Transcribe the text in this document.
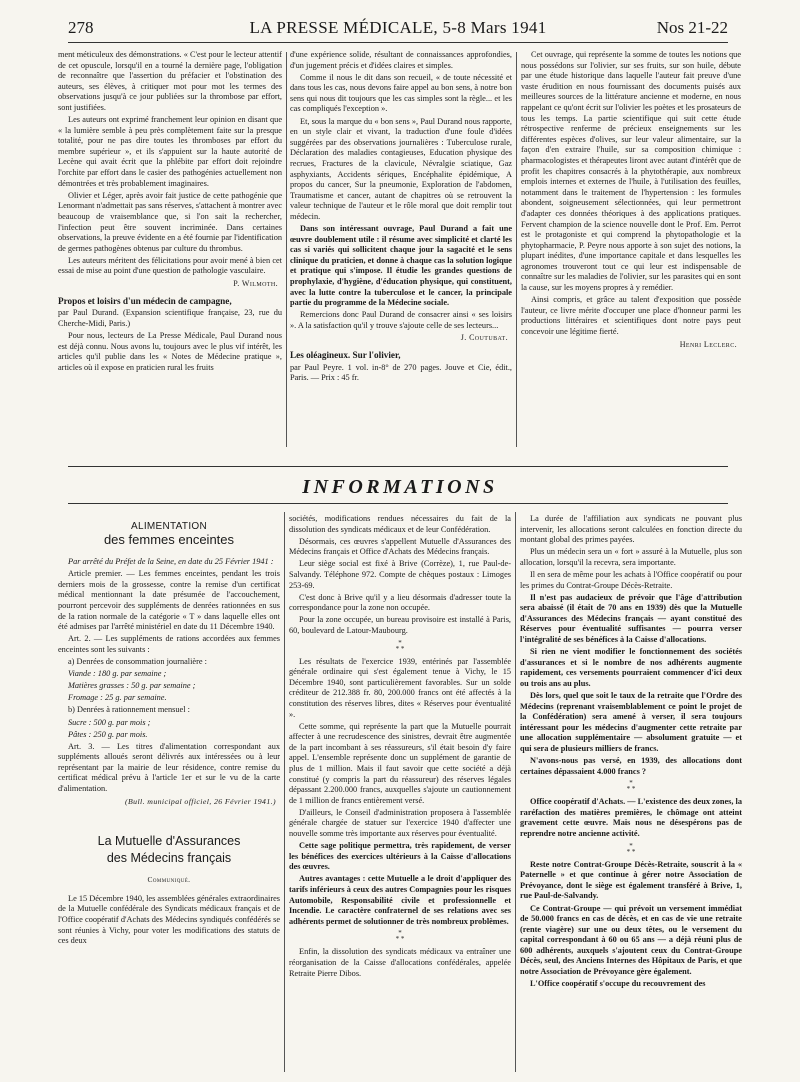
278	LA PRESSE MÉDICALE, 5-8 Mars 1941	Nos 21-22

ment méticuleux des démonstrations. « C'est pour le lecteur attentif de cet opuscule, lorsqu'il en a tourné la dernière page, l'obligation de reconnaître que l'assertion du préfacier et l'obstination des auteurs, ses élèves, à critiquer mot pour mot les termes des observations jusqu'à ce jour publiées sur la thrombose par effort, sont justifiées.

Les auteurs ont exprimé franchement leur opinion en disant que « la lumière semble à peu près complètement faite sur la presque totalité, pour ne pas dire toutes les thromboses par effort du membre supérieur », et ils s'appuient sur la haute autorité de Lecène qui avait écrit que la phlébite par effort doit rejoindre l'orchite par effort dans le casier des pathogénies actuellement non démontrées et très probablement imaginaires.

Olivier et Léger, après avoir fait justice de cette pathogénie que Lenormant n'admettait pas sans réserves, s'attachent à montrer avec beaucoup de vraisemblance que, si l'on sait la rechercher, l'infection peut être souvent incriminée. Dans certaines observations, la preuve évidente en a été fournie par l'identification de germes pathogènes obtenus par culture du thrombus.

Les auteurs méritent des félicitations pour avoir mené à bien cet essai de mise au point d'une question de pathologie vasculaire.

P. Wilmoth.

Propos et loisirs d'un médecin de campagne,

par Paul Durand. (Expansion scientifique française, 23, rue du Cherche-Midi, Paris.)

Pour nous, lecteurs de La Presse Médicale, Paul Durand nous est déjà connu. Nous avons lu, toujours avec le plus vif intérêt, les articles qu'il publie dans les « Notes de Médecine pratique », articles où il expose en praticien rural les fruits

d'une expérience solide, résultant de connaissances approfondies, d'un jugement précis et d'idées claires et simples.

Comme il nous le dit dans son recueil, « de toute nécessité et dans tous les cas, nous devons faire appel au bon sens, à notre bon sens qui nous dit toujours que les cas simples sont la règle... et les cas compliqués l'exception ».

Et, sous la marque du « bon sens », Paul Durand nous rapporte, en un style clair et vivant, la traduction d'une foule d'idées suggérées par des observations journalières : Tuberculose rurale, Déclaration des maladies contagieuses, Education physique des recrues, Fractures de la clavicule, Névralgie sciatique, Gaz asphyxiants, Accidents sériques, Encéphalite épidémique, A propos du cancer, Sur la pneumonie, Exploration de l'abdomen, Traumatisme et cancer, autant de chapitres où se retrouvent la valeur technique de l'auteur et le rôle moral que doit remplir tout médecin.

Dans son intéressant ouvrage, Paul Durand a fait une œuvre doublement utile : il résume avec simplicité et clarté les cas si variés qui sollicitent chaque jour la sagacité et le sens clinique du praticien, et donne à chaque cas la solution logique et pratique qui s'impose. Il étudie les grandes questions de prophylaxie, d'hygiène, d'éducation physique, qui constituent, avec la lutte contre la tuberculose et le cancer, la principale partie du programme de la Médecine sociale.

Remercions donc Paul Durand de consacrer ainsi « ses loisirs ». A la satisfaction qu'il y trouve s'ajoute celle de ses lecteurs...

J. Coutubat.

Les oléagineux. Sur l'olivier,

par Paul Peyre. 1 vol. in-8° de 270 pages. Jouve et Cie, édit., Paris. — Prix : 45 fr.

Cet ouvrage, qui représente la somme de toutes les notions que nous possédons sur l'olivier, sur ses fruits, sur son huile, débute par une étude historique dans laquelle l'auteur fait preuve d'une vaste érudition en nous fournissant des documents puisés aux meilleures sources de la littérature ancienne et moderne, en nous rappelant ce qu'ont écrit sur l'olivier les poètes et les prosateurs de tous les temps. La partie scientifique qui suit cette étude rétrospective renferme de précieux enseignements sur les différentes espèces d'olives, sur leur valeur alimentaire, sur la façon d'en extraire l'huile, sur sa composition chimique : pharmacologistes et thérapeutes liront avec autant d'intérêt que de profit les chapitres consacrés à la phytothérapie, aux nombreux emplois internes et externes de l'huile, à l'utilisation des feuilles, notamment dans le traitement de l'hypertension : les formules abondent, soigneusement sélectionnées, qui leur permettront d'adapter ces données théoriques à des applications pratiques. Fervent champion de la science nouvelle dont le Prof. Em. Perrot est le protagoniste et qui comprend la phytopathologie et la phytopharmacie, P. Peyre nous apporte à son sujet des notions, la plupart inédites, d'une importance capitale et dans lesquelles les agronomes trouveront tout ce qui leur est indispensable de connaître sur les maladies de l'olivier, sur les parasites qui en sont la cause, sur les moyens propres à y remédier.

Ainsi compris, et grâce au talent d'exposition que possède l'auteur, ce livre mérite d'occuper une place d'honneur parmi les productions littéraires et scientifiques dont notre pays peut concevoir une légitime fierté.

Henri Leclerc.
INFORMATIONS
ALIMENTATION
des femmes enceintes

Par arrêté du Préfet de la Seine, en date du 25 Février 1941 :

Article premier. — Les femmes enceintes, pendant les trois derniers mois de la grossesse, contre la remise d'un certificat médical mentionnant la date présumée de l'accouchement, pourront percevoir des suppléments de denrées rationnées en sus de la ration normale de la catégorie « T » dans laquelle elles ont été admises par l'arrêté ministériel en date du 11 Décembre 1940.

Art. 2. — Les suppléments de rations accordées aux femmes enceintes sont les suivants :

a) Denrées de consommation journalière :

Viande : 180 g. par semaine ;

Matières grasses : 50 g. par semaine ;

Fromage : 25 g. par semaine.

b) Denrées à rationnement mensuel :

Sucre : 500 g. par mois ;

Pâtes : 250 g. par mois.

Art. 3. — Les titres d'alimentation correspondant aux suppléments alloués seront délivrés aux intéressées ou à leur représentant par la mairie de leur résidence, contre remise du certificat médical prévu à l'article 1er et sur le vu de la carte d'alimentation.

(Bull. municipal officiel, 26 Février 1941.)
La Mutuelle d'Assurances
des Médecins français
Communiqué.

Le 15 Décembre 1940, les assemblées générales extraordinaires de la Mutuelle confédérale des Syndicats médicaux français et de l'Office coopératif d'Achats des Médecins syndiqués confédérés se sont réunies à Vichy, pour voter les modifications des statuts de ces deux

sociétés, modifications rendues nécessaires du fait de la dissolution des syndicats médicaux et de leur Confédération.

Désormais, ces œuvres s'appellent Mutuelle d'Assurances des Médecins français et Office d'Achats des Médecins français.

Leur siège social est fixé à Brive (Corrèze), 1, rue Paul-de-Salvandy. Téléphone 972. Compte de chèques postaux : Limoges 253-69.

C'est donc à Brive qu'il y a lieu désormais d'adresser toute la correspondance pour la zone non occupée.

Pour la zone occupée, un bureau provisoire est installé à Paris, 60, boulevard de Latour-Maubourg.

*
* *

Les résultats de l'exercice 1939, entérinés par l'assemblée générale ordinaire qui s'est également tenue à Vichy, le 15 Décembre 1940, sont particulièrement favorables. Sur un solde créditeur de 212.388 fr. 80, 200.000 francs ont été affectés à la constitution des réserves libres, dites « Réserves pour éventualité ».

Cette somme, qui représente la part que la Mutuelle pourrait affecter à une recrudescence des sinistres, devrait être augmentée de la part incombant à ses réassureurs, s'il était besoin d'y faire appel. L'ensemble représente donc un supplément de garantie de plus de 1 million. Mais il faut savoir que cette société a déjà constitué (y compris la part du réassureur) des réserves légales dépassant 2.200.000 francs, auxquelles s'ajoute un cautionnement de 1 million de francs entièrement versé.

D'ailleurs, le Conseil d'administration proposera à l'assemblée générale chargée de statuer sur l'exercice 1940 d'affecter une nouvelle somme très importante aux réserves pour éventualité.

Cette sage politique permettra, très rapidement, de verser les bénéfices des exercices ultérieurs à la Caisse d'allocations des œuvres.

Autres avantages : cette Mutuelle a le droit d'appliquer des tarifs inférieurs à ceux des autres Compagnies pour les risques Automobile, Responsabilité civile et professionnelle et Incendie. Le caractère confraternel de ses relations avec ses adhérents permet de solutionner de très nombreux problèmes.

*
* *

Enfin, la dissolution des syndicats médicaux va entraîner une réorganisation de la Caisse d'allocations confédérales, appelée Retraite Pierre Dibos.

La durée de l'affiliation aux syndicats ne pouvant plus intervenir, les allocations seront calculées en fonction directe du montant global des primes payées.

Plus un médecin sera un « fort » assuré à la Mutuelle, plus son allocation, lorsqu'il la recevra, sera importante.

Il en sera de même pour les achats à l'Office coopératif ou pour les primes du Contrat-Groupe Décès-Retraite.

Il n'est pas audacieux de prévoir que l'âge d'attribution sera abaissé (il était de 70 ans en 1939) dès que la Mutuelle d'Assurances des Médecins français — ayant constitué des Réserves pour éventualité suffisantes — pourra verser l'intégralité de ses bénéfices à la Caisse d'allocations.

Si rien ne vient modifier le fonctionnement des sociétés d'assurances et si le nombre de nos adhérents augmente rapidement, ces versements pourraient commencer d'ici deux ou trois ans au plus.

Dès lors, quel que soit le taux de la retraite que l'Ordre des Médecins (reprenant vraisemblablement ce point le projet de la Confédération) sera amené à verser, il sera toujours intéressant pour les médecins d'augmenter cette retraite par une allocation supplémentaire — absolument gratuite — et qui sera de plusieurs milliers de francs.

N'avons-nous pas versé, en 1939, des allocations dont certaines dépassaient 4.000 francs ?

*
* *

Office coopératif d'Achats. — L'existence des deux zones, la raréfaction des matières premières, le chômage ont atteint gravement cette œuvre. Mais nous ne désespérons pas de reprendre notre ancienne activité.

*
* *

Reste notre Contrat-Groupe Décès-Retraite, souscrit à la « Paternelle » et que continue à gérer notre Association de Prévoyance, dont le siège est également transféré à Brive, 1, rue Paul-de-Salvandy.

Ce Contrat-Groupe — qui prévoit un versement immédiat de 50.000 francs en cas de décès, et en cas de vie une retraite (rente viagère) sur une ou deux têtes, ou le versement du capital correspondant à 60 ou 65 ans — a déjà réuni plus de 600 adhérents, auxquels s'ajoutent ceux du Contrat-Groupe Décès, seul, des Anciens Internes des Hôpitaux de Paris, et que notre Association de Prévoyance gère également.

L'Office coopératif s'occupe du recouvrement des
